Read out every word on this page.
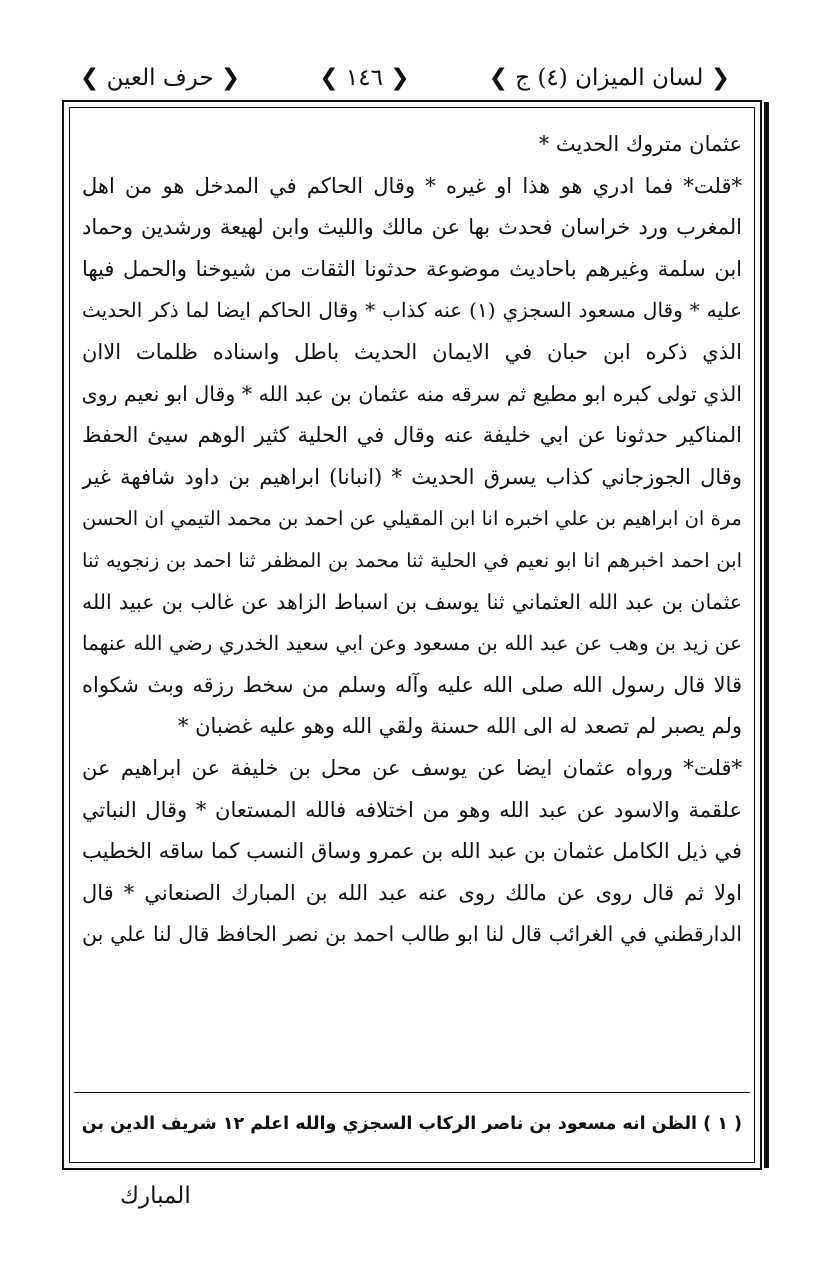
❮ لسان الميزان (٤) ج ❯
❮ ١٤٦ ❯
❮ حرف العين ❯
عثمان متروك الحديث *
*قلت* فما ادري هو هذا او غيره * وقال الحاكم في المدخل هو من اهل
المغرب ورد خراسان فحدث بها عن مالك والليث وابن لهيعة ورشدين وحماد
ابن سلمة وغيرهم باحاديث موضوعة حدثونا الثقات من شيوخنا والحمل فيها
عليه * وقال مسعود السجزي (١) عنه كذاب * وقال الحاكم ايضا لما ذكر الحديث
الذي ذكره ابن حبان في الايمان الحديث باطل واسناده ظلمات الاان
الذي تولى كبره ابو مطيع ثم سرقه منه عثمان بن عبد الله * وقال ابو نعيم روى
المناكير حدثونا عن ابي خليفة عنه وقال في الحلية كثير الوهم سيئ الحفظ
وقال الجوزجاني كذاب يسرق الحديث * (انبانا) ابراهيم بن داود شافهة غير
مرة ان ابراهيم بن علي اخبره انا ابن المقيلي عن احمد بن محمد التيمي ان الحسن
ابن احمد اخبرهم انا ابو نعيم في الحلية ثنا محمد بن المظفر ثنا احمد بن زنجويه ثنا
عثمان بن عبد الله العثماني ثنا يوسف بن اسباط الزاهد عن غالب بن عبيد الله
عن زيد بن وهب عن عبد الله بن مسعود وعن ابي سعيد الخدري رضي الله عنهما
قالا قال رسول الله صلى الله عليه وآله وسلم من سخط رزقه وبث شكواه
ولم يصبر لم تصعد له الى الله حسنة ولقي الله وهو عليه غضبان *
*قلت* ورواه عثمان ايضا عن يوسف عن محل بن خليفة عن ابراهيم عن
علقمة والاسود عن عبد الله وهو من اختلافه فالله المستعان * وقال النباتي
في ذيل الكامل عثمان بن عبد الله بن عمرو وساق النسب كما ساقه الخطيب
اولا ثم قال روى عن مالك روى عنه عبد الله بن المبارك الصنعاني * قال
الدارقطني في الغرائب قال لنا ابو طالب احمد بن نصر الحافظ قال لنا علي بن
( ١ ) الظن انه مسعود بن ناصر الركاب السجزي والله اعلم ١٢ شريف الدين بن
المبارك
